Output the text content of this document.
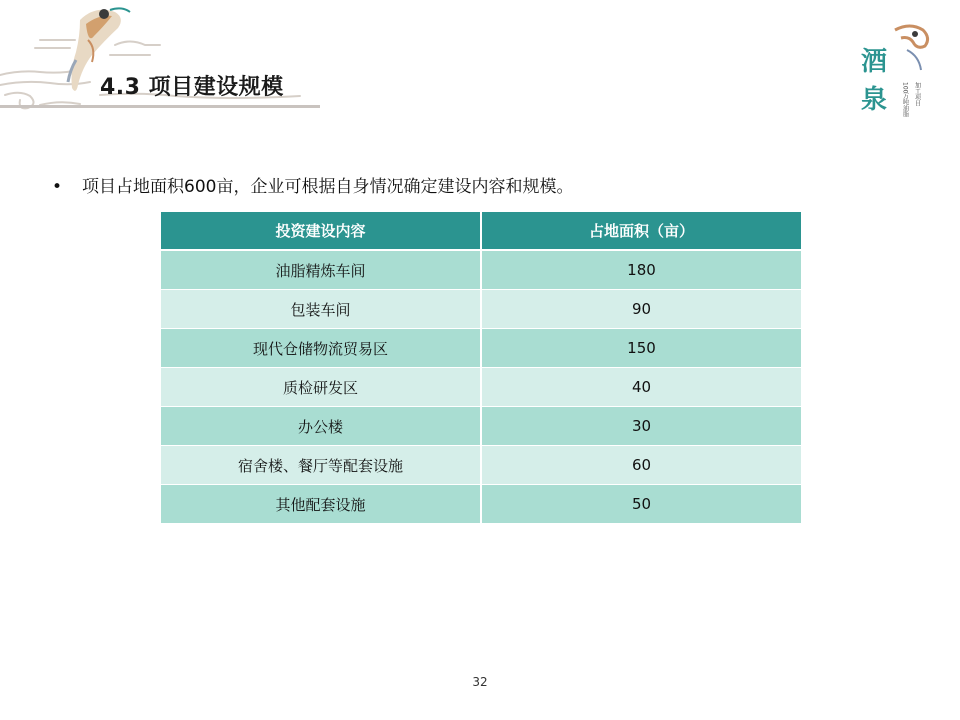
4.3 项目建设规模
酒
泉	加工项目
100万吨油脂
• 项目占地面积600亩，企业可根据自身情况确定建设内容和规模。
投资建设内容	占地面积（亩）
油脂精炼车间	180
包装车间	90
现代仓储物流贸易区	150
质检研发区	40
办公楼	30
宿舍楼、餐厅等配套设施	60
其他配套设施	50
32
